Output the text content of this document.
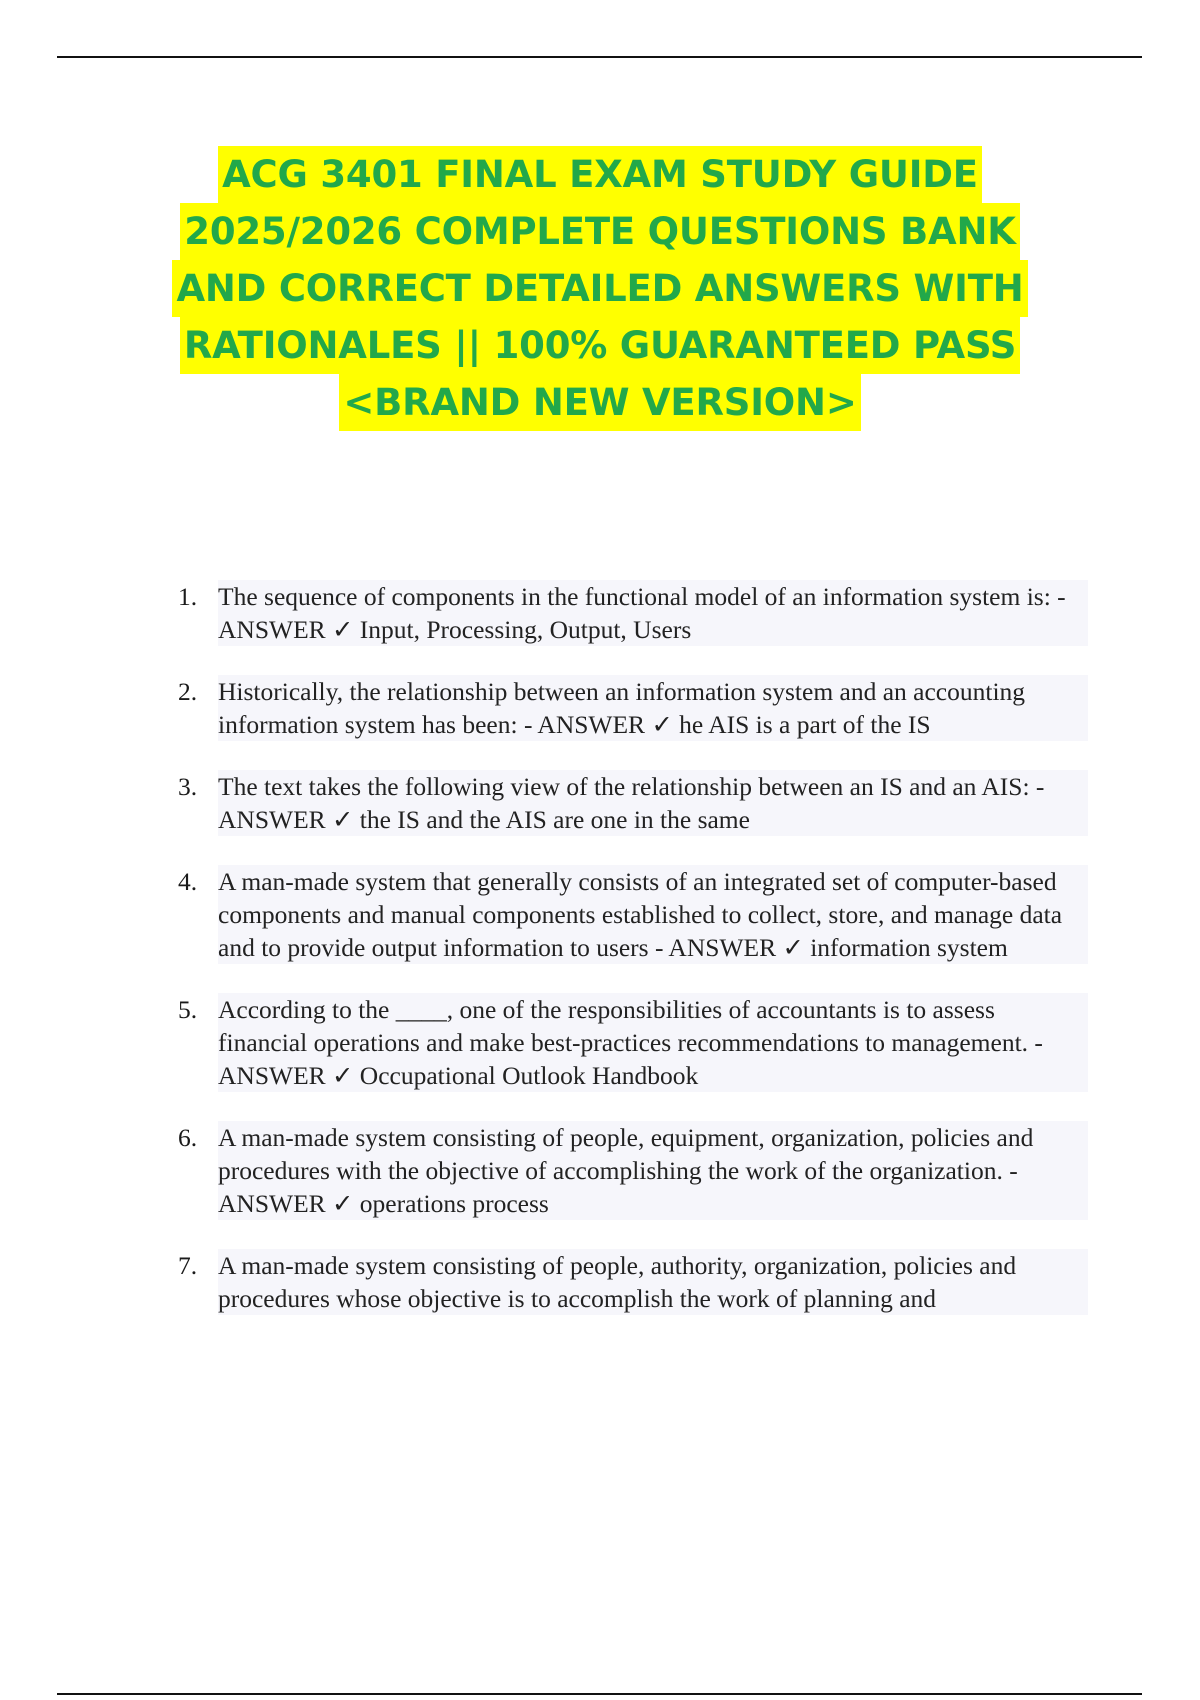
ACG 3401 FINAL EXAM STUDY GUIDE
2025/2026 COMPLETE QUESTIONS BANK
AND CORRECT DETAILED ANSWERS WITH
RATIONALES || 100% GUARANTEED PASS
<BRAND NEW VERSION>
1. The sequence of components in the functional model of an information system is: - ANSWER ✓ Input, Processing, Output, Users
2. Historically, the relationship between an information system and an accounting information system has been: - ANSWER ✓ he AIS is a part of the IS
3. The text takes the following view of the relationship between an IS and an AIS: - ANSWER ✓ the IS and the AIS are one in the same
4. A man-made system that generally consists of an integrated set of computer-based components and manual components established to collect, store, and manage data and to provide output information to users - ANSWER ✓ information system
5. According to the ____, one of the responsibilities of accountants is to assess financial operations and make best-practices recommendations to management. - ANSWER ✓ Occupational Outlook Handbook
6. A man-made system consisting of people, equipment, organization, policies and procedures with the objective of accomplishing the work of the organization. - ANSWER ✓ operations process
7. A man-made system consisting of people, authority, organization, policies and procedures whose objective is to accomplish the work of planning and
